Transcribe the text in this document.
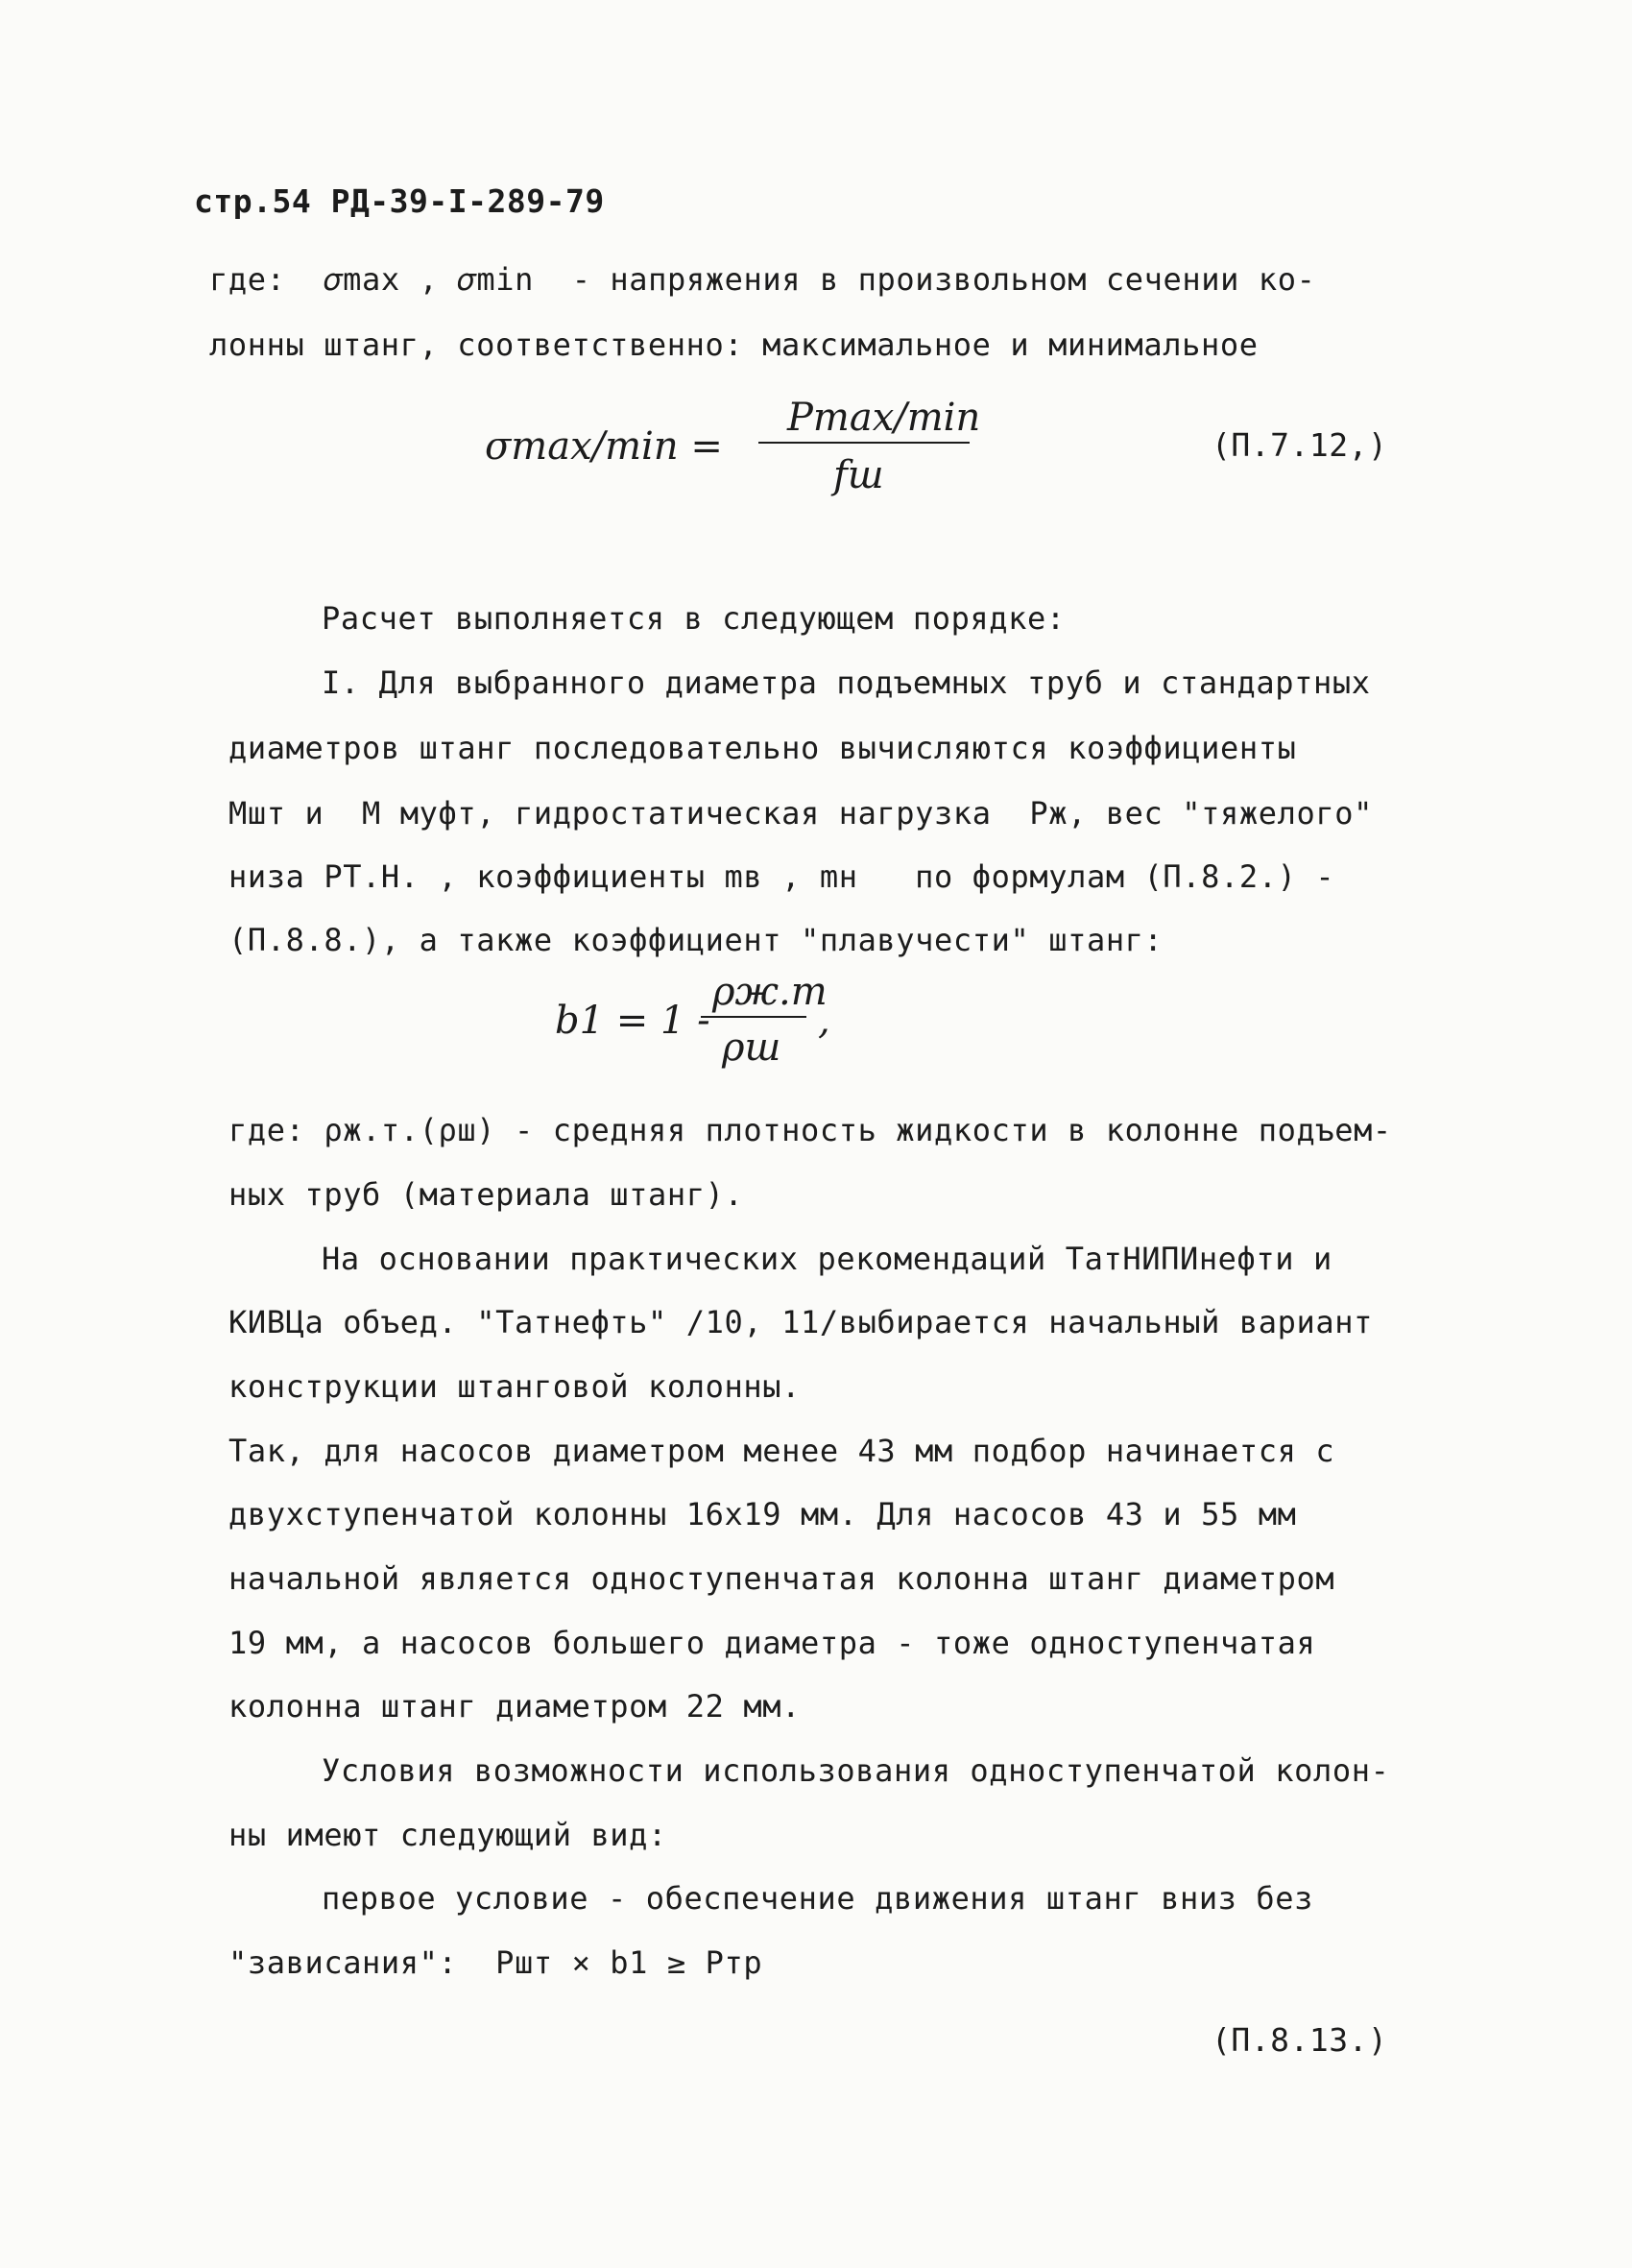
стр.54 РД-39-I-289-79
где:  𝜎max , 𝜎min  - напряжения в произвольном сечении ко-
лонны штанг, соответственно: максимальное и минимальное
𝜎max/min =
Pmax/min
fш
(П.7.12,)
Расчет выполняется в следующем порядке:
I. Для выбранного диаметра подъемных труб и стандартных
диаметров штанг последовательно вычисляются коэффициенты
Mшт и  M муфт, гидростатическая нагрузка  Pж, вес "тяжелого"
низа PТ.Н. , коэффициенты mв , mн   по формулам (П.8.2.) -
(П.8.8.), а также коэффициент "плавучести" штанг:
b1 = 1 -
ρж.т
ρш
,
где: ρж.т.(ρш) - средняя плотность жидкости в колонне подъем-
ных труб (материала штанг).
На основании практических рекомендаций ТатНИПИнефти и
КИВЦа объед. "Татнефть" /10, 11/выбирается начальный вариант
конструкции штанговой колонны.
Так, для насосов диаметром менее 43 мм подбор начинается с
двухступенчатой колонны 16х19 мм. Для насосов 43 и 55 мм
начальной является одноступенчатая колонна штанг диаметром
19 мм, а насосов большего диаметра - тоже одноступенчатая
колонна штанг диаметром 22 мм.
Условия возможности использования одноступенчатой колон-
ны имеют следующий вид:
первое условие - обеспечение движения штанг вниз без
"зависания":  Pшт × b1 ≥ Pтр
(П.8.13.)
